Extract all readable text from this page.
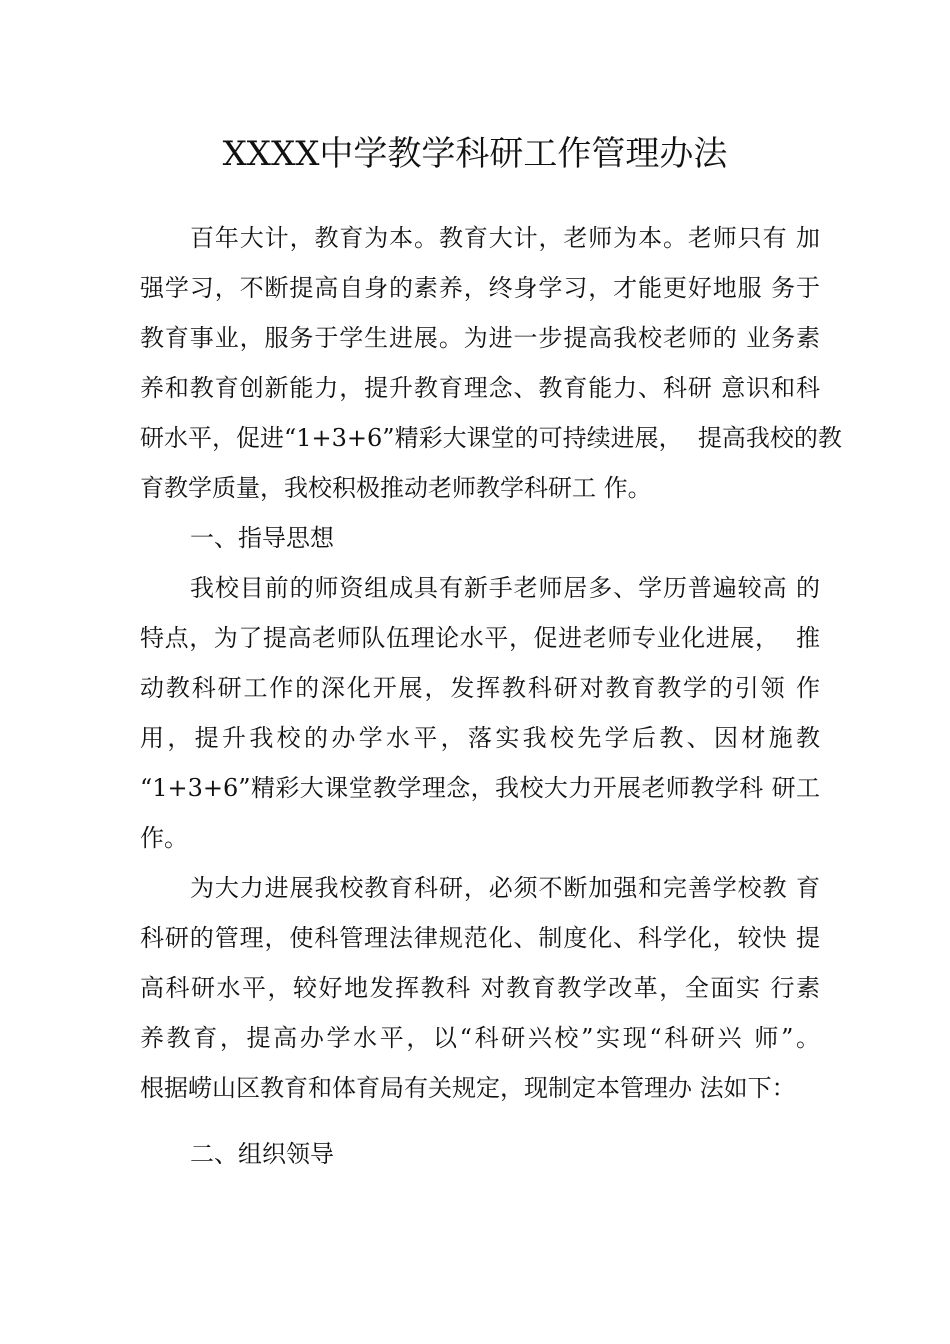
XXXX中学教学科研工作管理办法

百年大计，教育为本。教育大计，老师为本。老师只有 加

强学习，不断提高自身的素养，终身学习，才能更好地服 务于

教育事业，服务于学生进展。为进一步提高我校老师的 业务素

养和教育创新能力，提升教育理念、教育能力、科研 意识和科

研水平，促进“1+3+6”精彩大课堂的可持续进展，  提高我校的教

育教学质量，我校积极推动老师教学科研工 作。

一、指导思想

我校目前的师资组成具有新手老师居多、学历普遍较高 的

特点，为了提高老师队伍理论水平，促进老师专业化进展，  推

动教科研工作的深化开展，发挥教科研对教育教学的引领 作

用，提升我校的办学水平，落实我校先学后教、因材施教

“1+3+6”精彩大课堂教学理念，我校大力开展老师教学科 研工

作。

为大力进展我校教育科研，必须不断加强和完善学校教 育

科研的管理，使科管理法律规范化、制度化、科学化，较快 提

高科研水平，较好地发挥教科 对教育教学改革，全面实 行素

养教育，提高办学水平，以“科研兴校”实现“科研兴 师”。

根据崂山区教育和体育局有关规定，现制定本管理办 法如下：

二、组织领导
